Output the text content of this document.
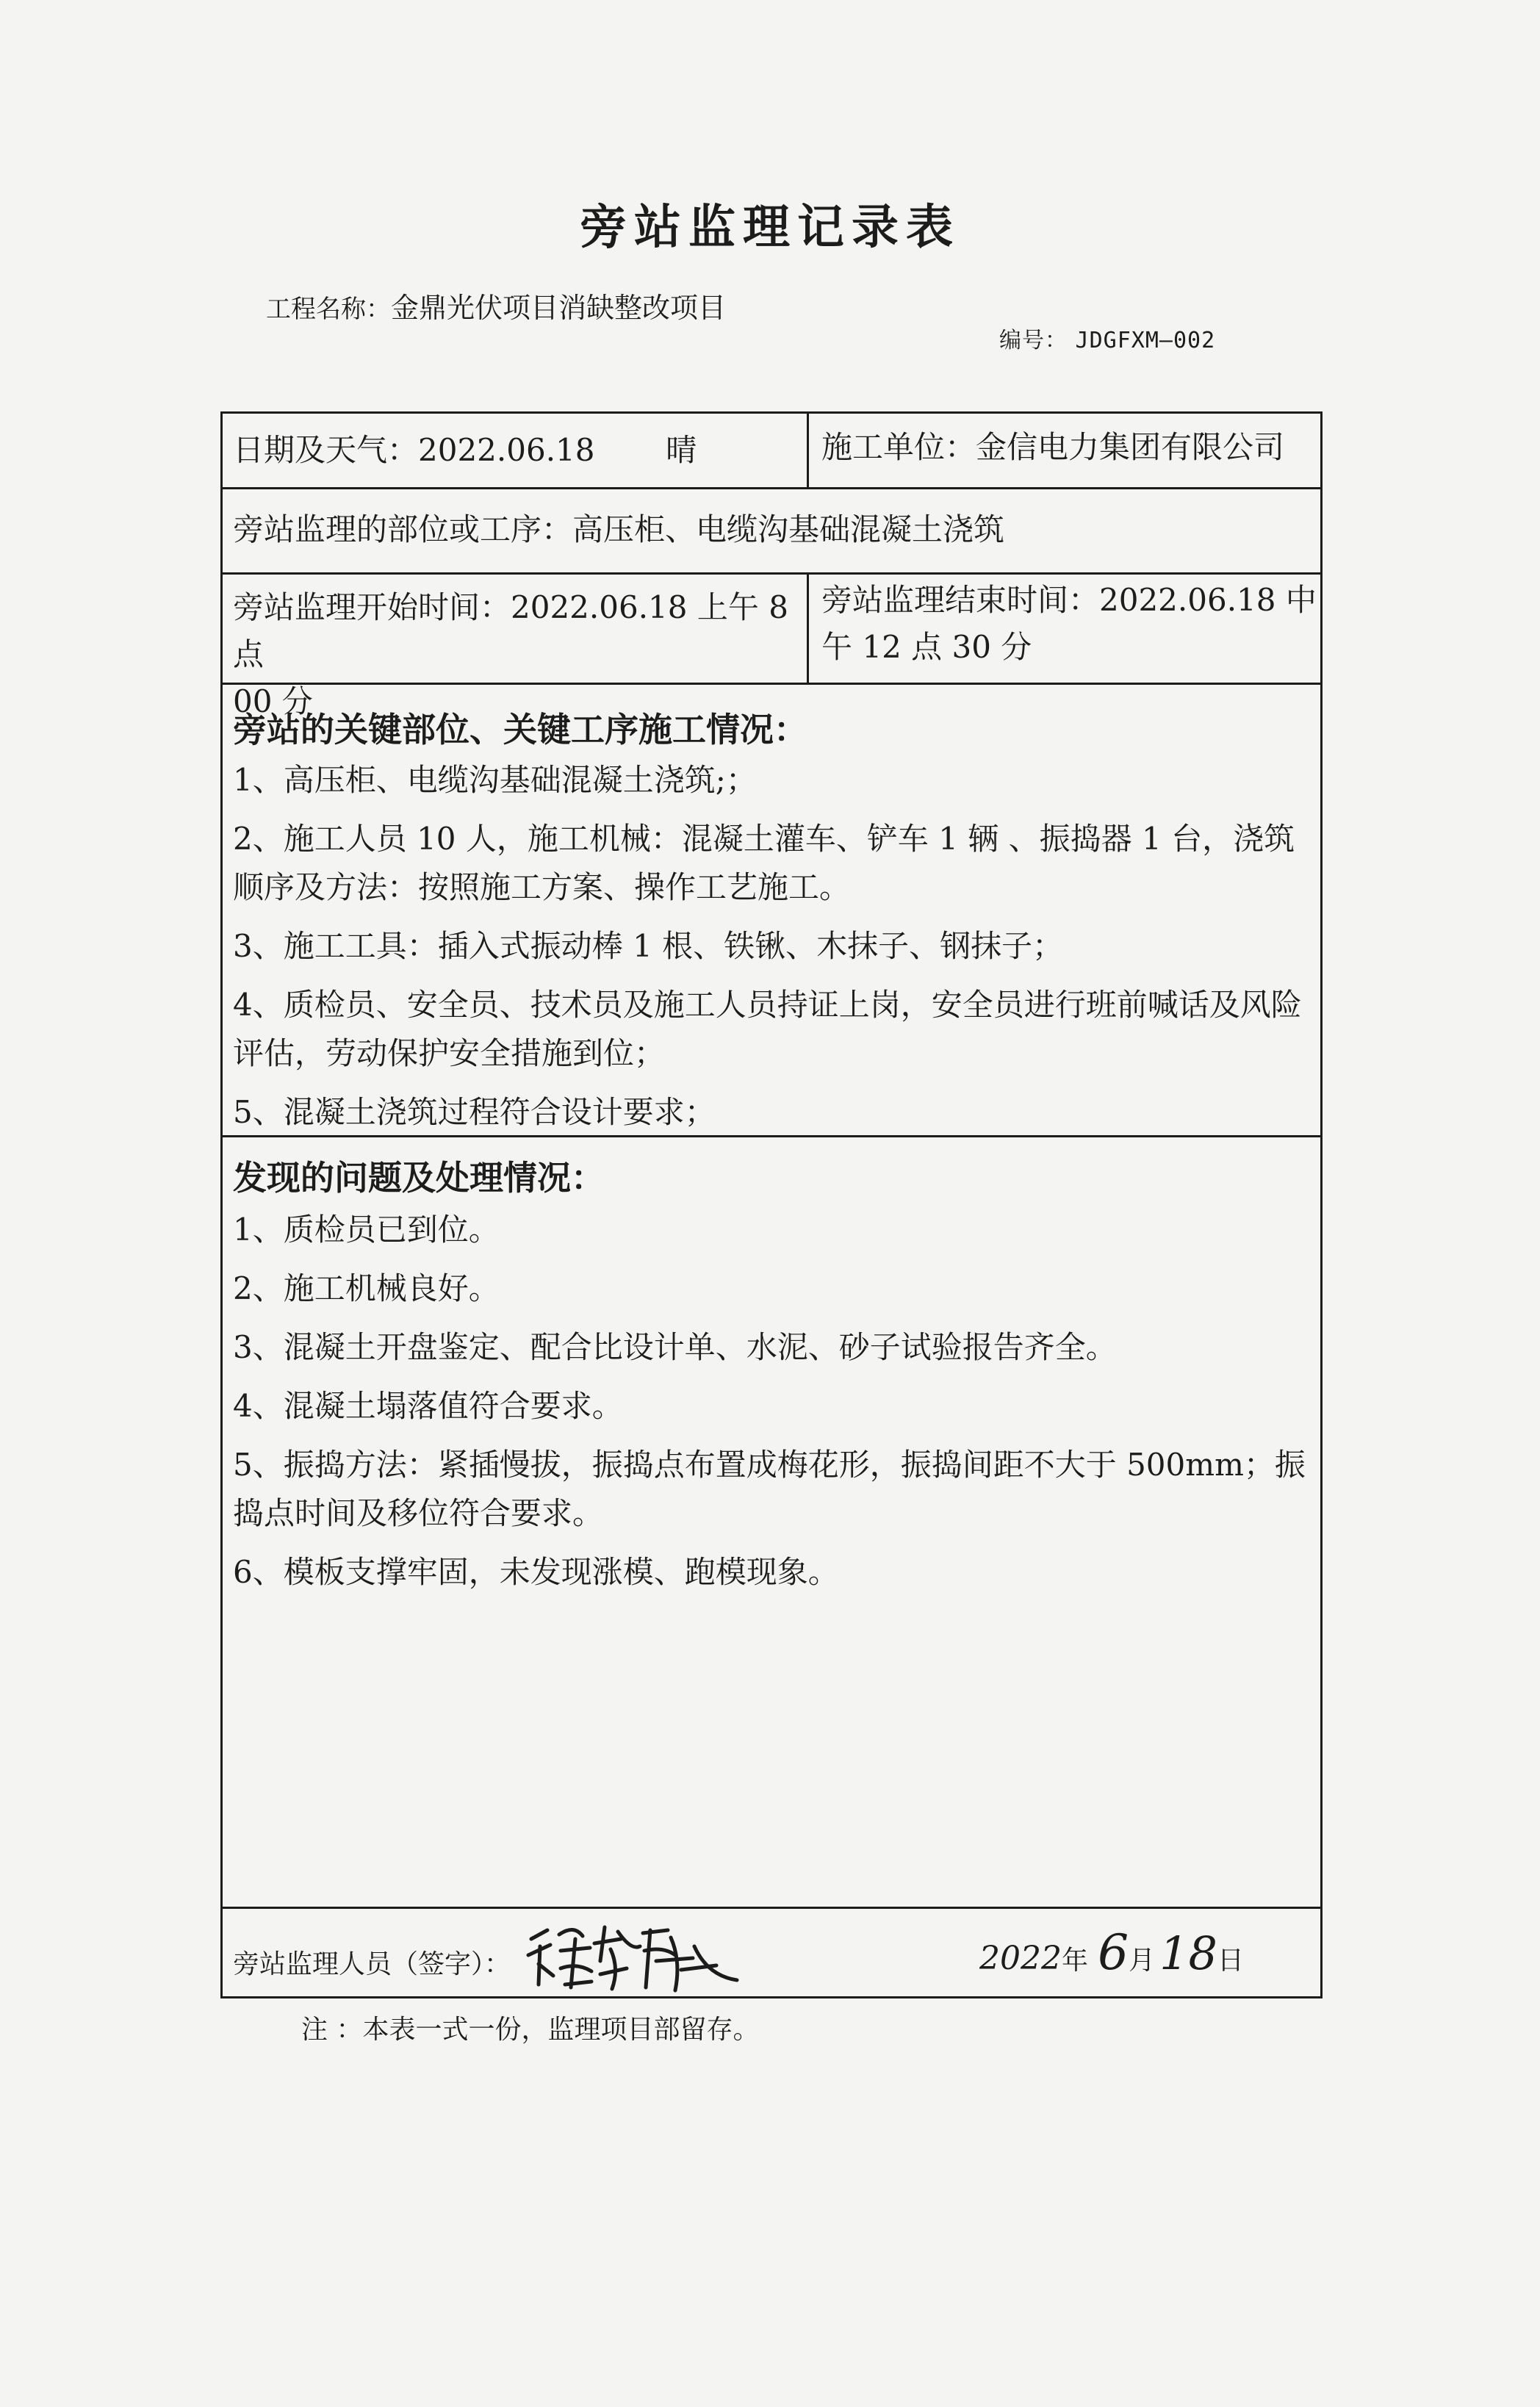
旁站监理记录表
工程名称：金鼎光伏项目消缺整改项目
编号： JDGFXM—002
日期及天气：2022.06.18 晴	施工单位：金信电力集团有限公司
旁站监理的部位或工序：高压柜、电缆沟基础混凝土浇筑
旁站监理开始时间：2022.06.18 上午 8 点
00 分
旁站监理结束时间：2022.06.18 中
午 12 点 30 分
旁站的关键部位、关键工序施工情况：
1、高压柜、电缆沟基础混凝土浇筑;；
2、施工人员 10 人，施工机械：混凝土灌车、铲车 1 辆 、振捣器 1 台，浇筑顺序及方法：按照施工方案、操作工艺施工。
3、施工工具：插入式振动棒 1 根、铁锹、木抹子、钢抹子；
4、质检员、安全员、技术员及施工人员持证上岗，安全员进行班前喊话及风险评估，劳动保护安全措施到位；
5、混凝土浇筑过程符合设计要求；
发现的问题及处理情况：
1、质检员已到位。
2、施工机械良好。
3、混凝土开盘鉴定、配合比设计单、水泥、砂子试验报告齐全。
4、混凝土塌落值符合要求。
5、振捣方法：紧插慢拔，振捣点布置成梅花形，振捣间距不大于 500mm；振捣点时间及移位符合要求。
6、模板支撑牢固，未发现涨模、跑模现象。
旁站监理人员（签字）：	2022年 6月18日
注 ：本表一式一份，监理项目部留存。
